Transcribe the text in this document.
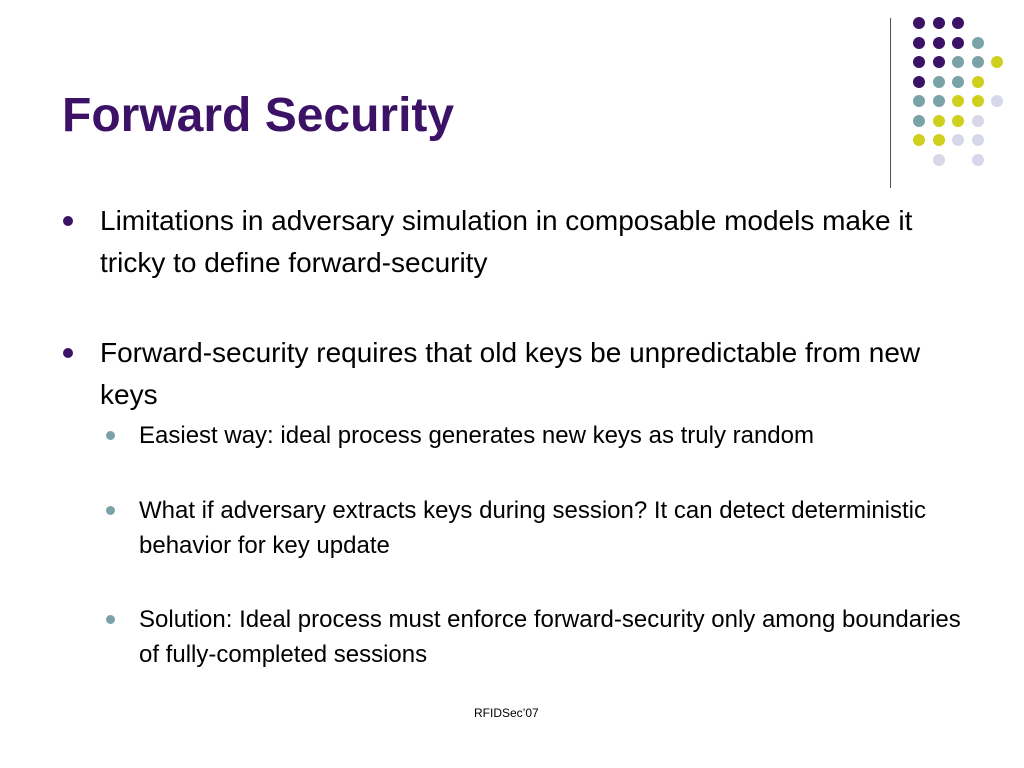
Forward Security
Limitations in adversary simulation in composable models make it tricky to define forward-security
Forward-security requires that old keys be unpredictable from new keys
Easiest way: ideal process generates new keys as truly random
What if adversary extracts keys during session? It can detect deterministic behavior for key update
Solution: Ideal process must enforce forward-security only among boundaries of fully-completed sessions
RFIDSec’07
